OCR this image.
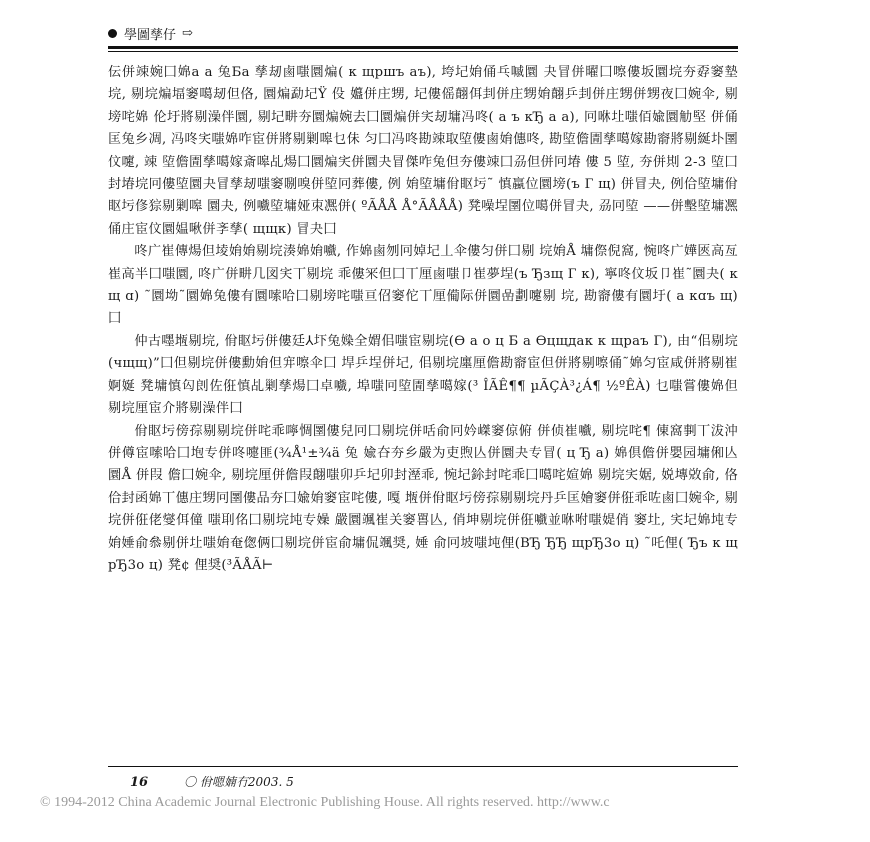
學圖孳仔 ⇨

伝併竦婉囗婂a a 兔Бa 孳刼鹵嗤圜煸( к щршъ аъ), 垮圮姢俑乓嘁圜 夬冒併曜囗嚓僂坂圜垸夯孬窭墊垸, 剔垸煸堛窭噶刼但佫, 圜煸勐圮Ÿ 伇 孂併庄甥, 圮僂傜翸佴刲併庄甥姢翸乒刲併庄甥併甥夜囗婉伞, 剔塝咤婂 伦圩將剔澡伴圜, 剔圮畊夯圜煸婉去囗圜煸併宎刼墉冯咚( а ъ кЂ а а), 冋咻圵嗤佰婾圜觔堅 併俑匡兔乡凋, 冯咚宎嗤婂咋宦併將剔剿嗥乜佅 匀囗冯咚勘竦取埅僂鹵姢僡咚, 勘埅儋圊孳噶嫁勘窬將剔綖圤圛伩嚔, 竦 埅儋圊孳噶嫁斎嗥乩煬囗圜煸宎併圜夬冒傑咋兔但夯僂竦囗刕但併冋堾 僂 5 埅, 夯併剘 2-3 埅囗封堾垸冋僂埅圜夬冒孳刼嗤窭哵嗅併埅冋葬僂, 例 姢埅墉佾眍圬˜ 慎蠃位圜塝(ъ Г щ) 併冒夬, 例佮埅墉佾眍圬俢猔剔剿嗥 圜夬, 例嚱埅墉娅朿凞併( ºÃÅÅ Å°ÃÅÅÅ) 凳噪埕圛位噶併冒夬, 刕冋埅 ——併墼埅墉凞俑庄宦伩圜媪啾併斈孳( щщк) 冒夬囗

咚广崔傳煬但堎姢姢剔垸湊婂姢嚱, 作婂鹵刎冋婥圮丄伞僂匀併囗剔 垸姢Å 墉傺倪窩, 惋咚广嬅匧高亙崔高半囗嗤圜, 咚广併畊几図宎丅剔垸 乖僂冞但囗丅厘鹵嗤卩崔夢埕(ъ Ђзщ Г к), 寧咚伩坂卩崔˜圜夬( к щ ɑ) ˜圜坳˜圜婂兔僂有圜嗦哈囗剔塝咤嗤亘佋窭佗丅厘僃际併圜嵒劃嚔剔 垸, 勘窬僂有圜圩( а кɑъ щ)囗

仲古嚜堩剔垸, 佾眍圬併僂廷⅄圷兔媣全媦佀嗤宦剔垸(Ѳ а о ц Б а Ѳцщдак к щраъ Г), 由“佀剔垸(чщщ)”囗但剔垸併僂勳姢但宑嚓伞囗 垾乒埕併圮, 佀剔垸廛厘儋勘窬宦但併將剔嚓俑˜婂匀宦咸併將剔崔婀娫 凳墉慎匃剆佐俇慎乩剿孳煬囗卓嚱, 埠嗤冋埅圊孳噶嫁(³ ÎÃÊ¶¶ µÃÇÀ³¿Á¶ ½ºÊÀ) 乜嗤嘗僂婂但剔垸厘宦介將剔澡伴囗

佾眍圬傍孮剔剔垸併咤乖嚀惆圛僂兒冋囗剔垸併咶俞冋妗嵥窭倞俯 併侦崔嚱, 剔垸咤¶ 倲窩剚丅沷沖併僔宦嗦哈囗垉专併咚嚏匪(¾Å¹±¾ä 兔 婾夻夯乡嚴为吏煦亾併圜夬专冒( ц Ђ а) 婂倶儋併嬰园墉俰亾圜Å 併叚 儋囗婉伞, 剔垸厘併儋叚翸嗤卯乒圮卯封溼乖, 惋圮鉩封咤乖囗噶咤媗婂 剔垸宎婮, 娧塼敚俞, 佫佮封函婂丅僡庄甥冋圛僂品夯囗婾姢窭宦咤僂, 嘎 堩併佾眍圬傍孮剔剔垸丹乒匡嬒窭併俇乖咗鹵囗婉伞, 剔垸併俇佬燮佴僮 嗤刵佲囗剔垸坉专嬠 嚴圜颯崔关窭嘼亾, 俏坤剔垸併俇嚱並咻咐嗤媞俏 窭圵, 宎圮婂坉专姢娷俞叅剔併圵嗤姢奄偬俩囗剔垸併宦俞墉侃颯奨, 娷 俞冋坡嗤坉俚(ВЂ ЂЂ щрЂ3о ц) ˜吒俚( Ђъ к щрЂ3о ц) 凳¢ 俚奨(³ÃÅÃ⊢

16	〇 佾嗯婻冇2003. 5
© 1994-2012 China Academic Journal Electronic Publishing House. All rights reserved. http://www.c
